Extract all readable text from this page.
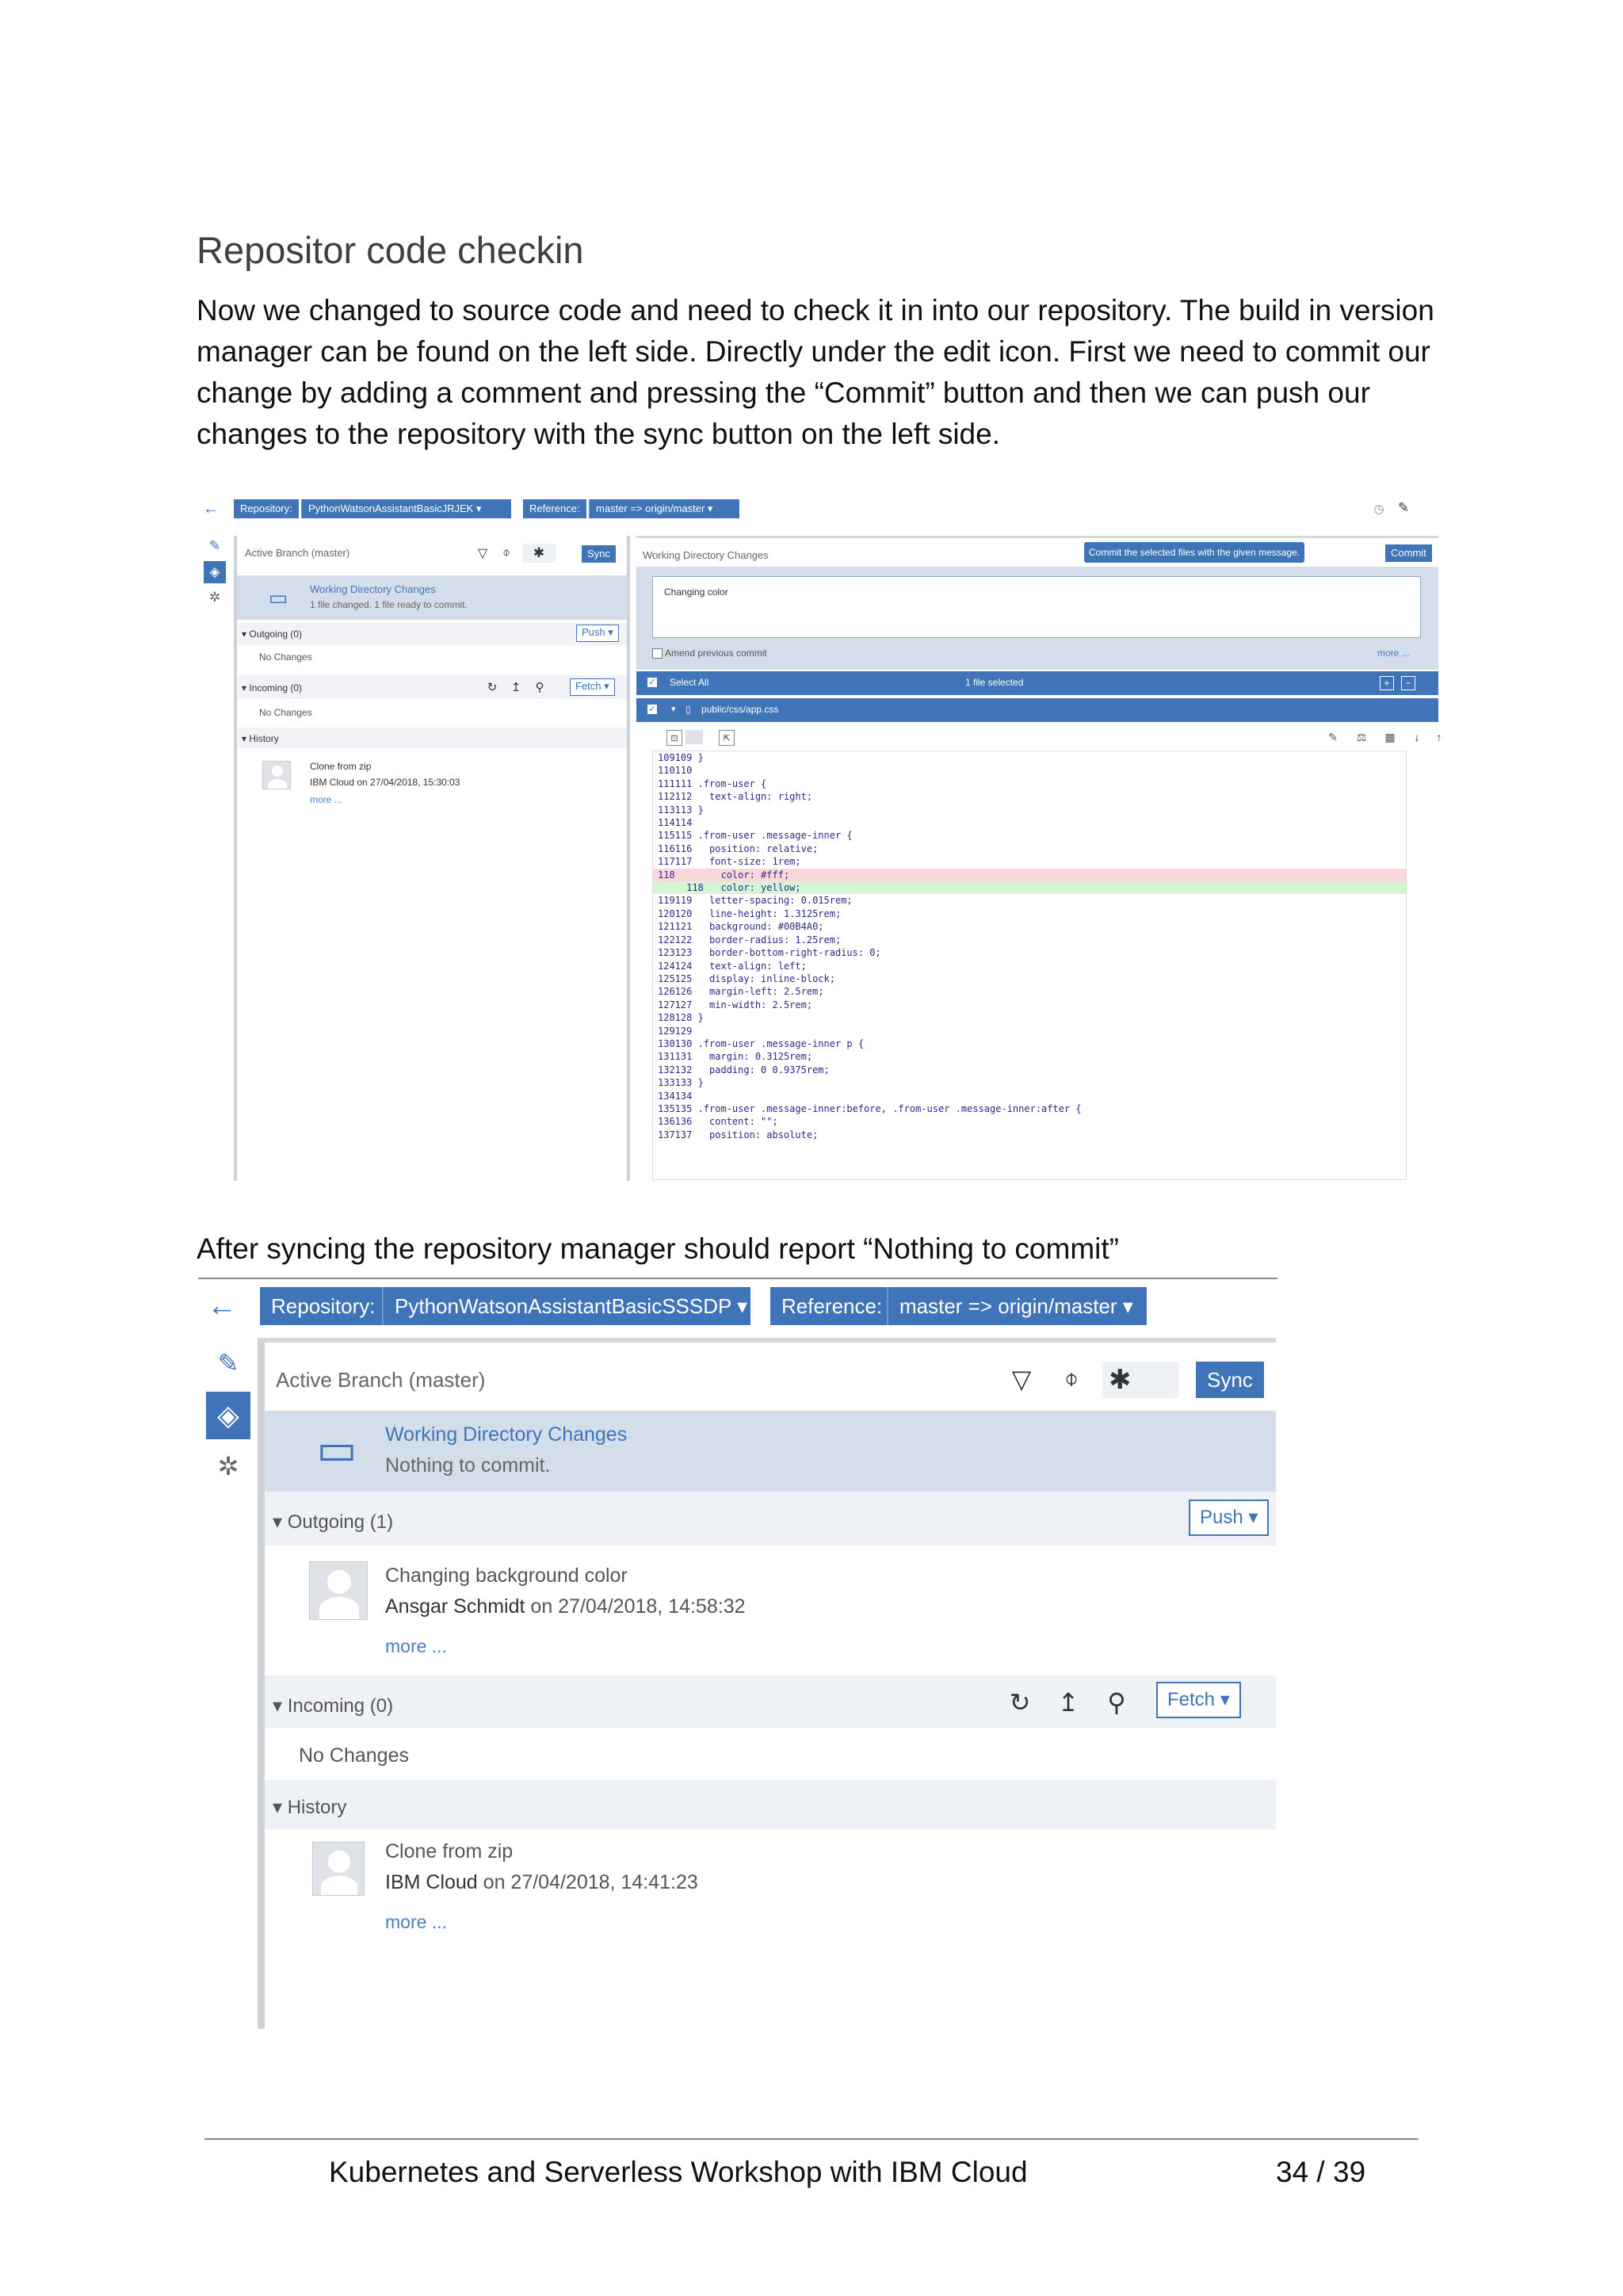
Repositor code checkin
Now we changed to source code and need to check it in into our repository. The build in version manager can be found on the left side. Directly under the edit icon. First we need to commit our change by adding a comment and pressing the “Commit” button and then we can push our changes to the repository with the sync button on the left side.
←	Repository:	PythonWatsonAssistantBasicJRJEK ▾	Reference:	master => origin/master ▾	◷ ✎
✎
◈
✲
Active Branch (master)	▽	⌽	✱	Sync
▭	Working Directory Changes
1 file changed. 1 file ready to commit.
▾ Outgoing (0)	Push ▾
No Changes
▾ Incoming (0)	↻ ↥	⚲	Fetch ▾
No Changes
▾ History
Clone from zip
IBM Cloud on 27/04/2018, 15:30:03
more ...
Working Directory Changes	Commit the selected files with the given message.	Commit
Changing color
Amend previous commit	more ...
✓ Select All	1 file selected	+	−
✓ ▾ ▯ public/css/app.css
⊡	⇱	✎ ⚖ ▦	↓	↑
109109 }
110110
111111 .from-user {
112112   text-align: right;
113113 }
114114
115115 .from-user .message-inner {
116116   position: relative;
117117   font-size: 1rem;
118        color: #fff;
118   color: yellow;
119119   letter-spacing: 0.015rem;
120120   line-height: 1.3125rem;
121121   background: #00B4A0;
122122   border-radius: 1.25rem;
123123   border-bottom-right-radius: 0;
124124   text-align: left;
125125   display: inline-block;
126126   margin-left: 2.5rem;
127127   min-width: 2.5rem;
128128 }
129129
130130 .from-user .message-inner p {
131131   margin: 0.3125rem;
132132   padding: 0 0.9375rem;
133133 }
134134
135135 .from-user .message-inner:before, .from-user .message-inner:after {
136136   content: "";
137137   position: absolute;
After syncing the repository manager should report “Nothing to commit”
←	Repository: PythonWatsonAssistantBasicSSSDP ▾	Reference: master => origin/master ▾
✎
◈
✲
Active Branch (master)	▽	⌽ ✱	Sync
▭ Working Directory Changes
Nothing to commit.
▾ Outgoing (1)	Push ▾
Changing background color
Ansgar Schmidt on 27/04/2018, 14:58:32
more ...
▾ Incoming (0)	↻ ↥ ⚲	Fetch ▾
No Changes
▾ History
Clone from zip
IBM Cloud on 27/04/2018, 14:41:23
more ...
Kubernetes and Serverless Workshop with IBM Cloud	34 / 39
